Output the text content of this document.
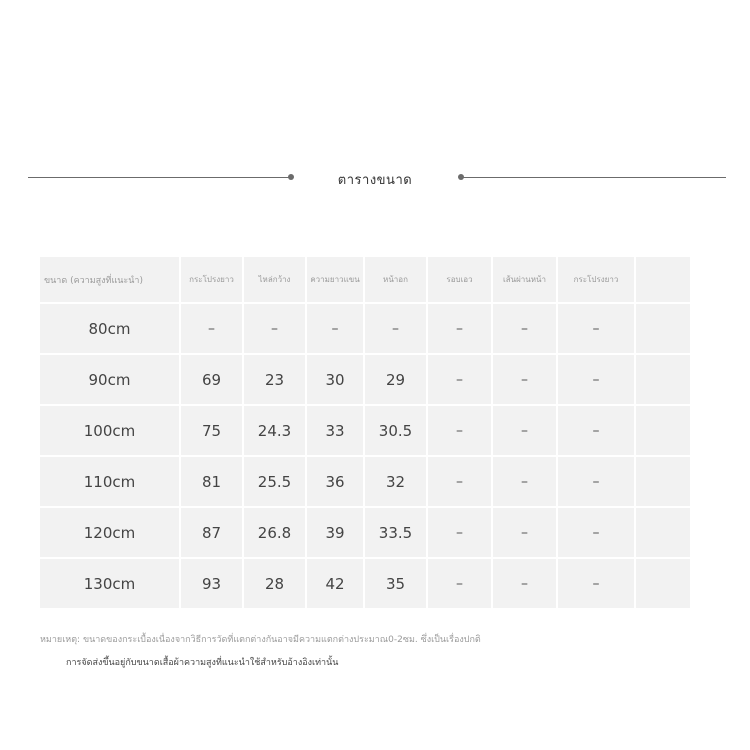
ตารางขนาด
ขนาด (ความสูงที่แนะนำ)	กระโปรงยาว	ไหล่กว้าง	ความยาวแขน	หน้าอก	รอบเอว	เส้นผ่านหน้า	กระโปรงยาว	
80cm	–	–	–	–	–	–	–	
90cm	69	23	30	29	–	–	–	
100cm	75	24.3	33	30.5	–	–	–	
110cm	81	25.5	36	32	–	–	–	
120cm	87	26.8	39	33.5	–	–	–	
130cm	93	28	42	35	–	–	–	
หมายเหตุ: ขนาดของกระเบื้องเนื่องจากวิธีการวัดที่แตกต่างกันอาจมีความแตกต่างประมาณ0-2ซม. ซึ่งเป็นเรื่องปกติ
การจัดส่งขึ้นอยู่กับขนาดเสื้อผ้าความสูงที่แนะนำใช้สำหรับอ้างอิงเท่านั้น
